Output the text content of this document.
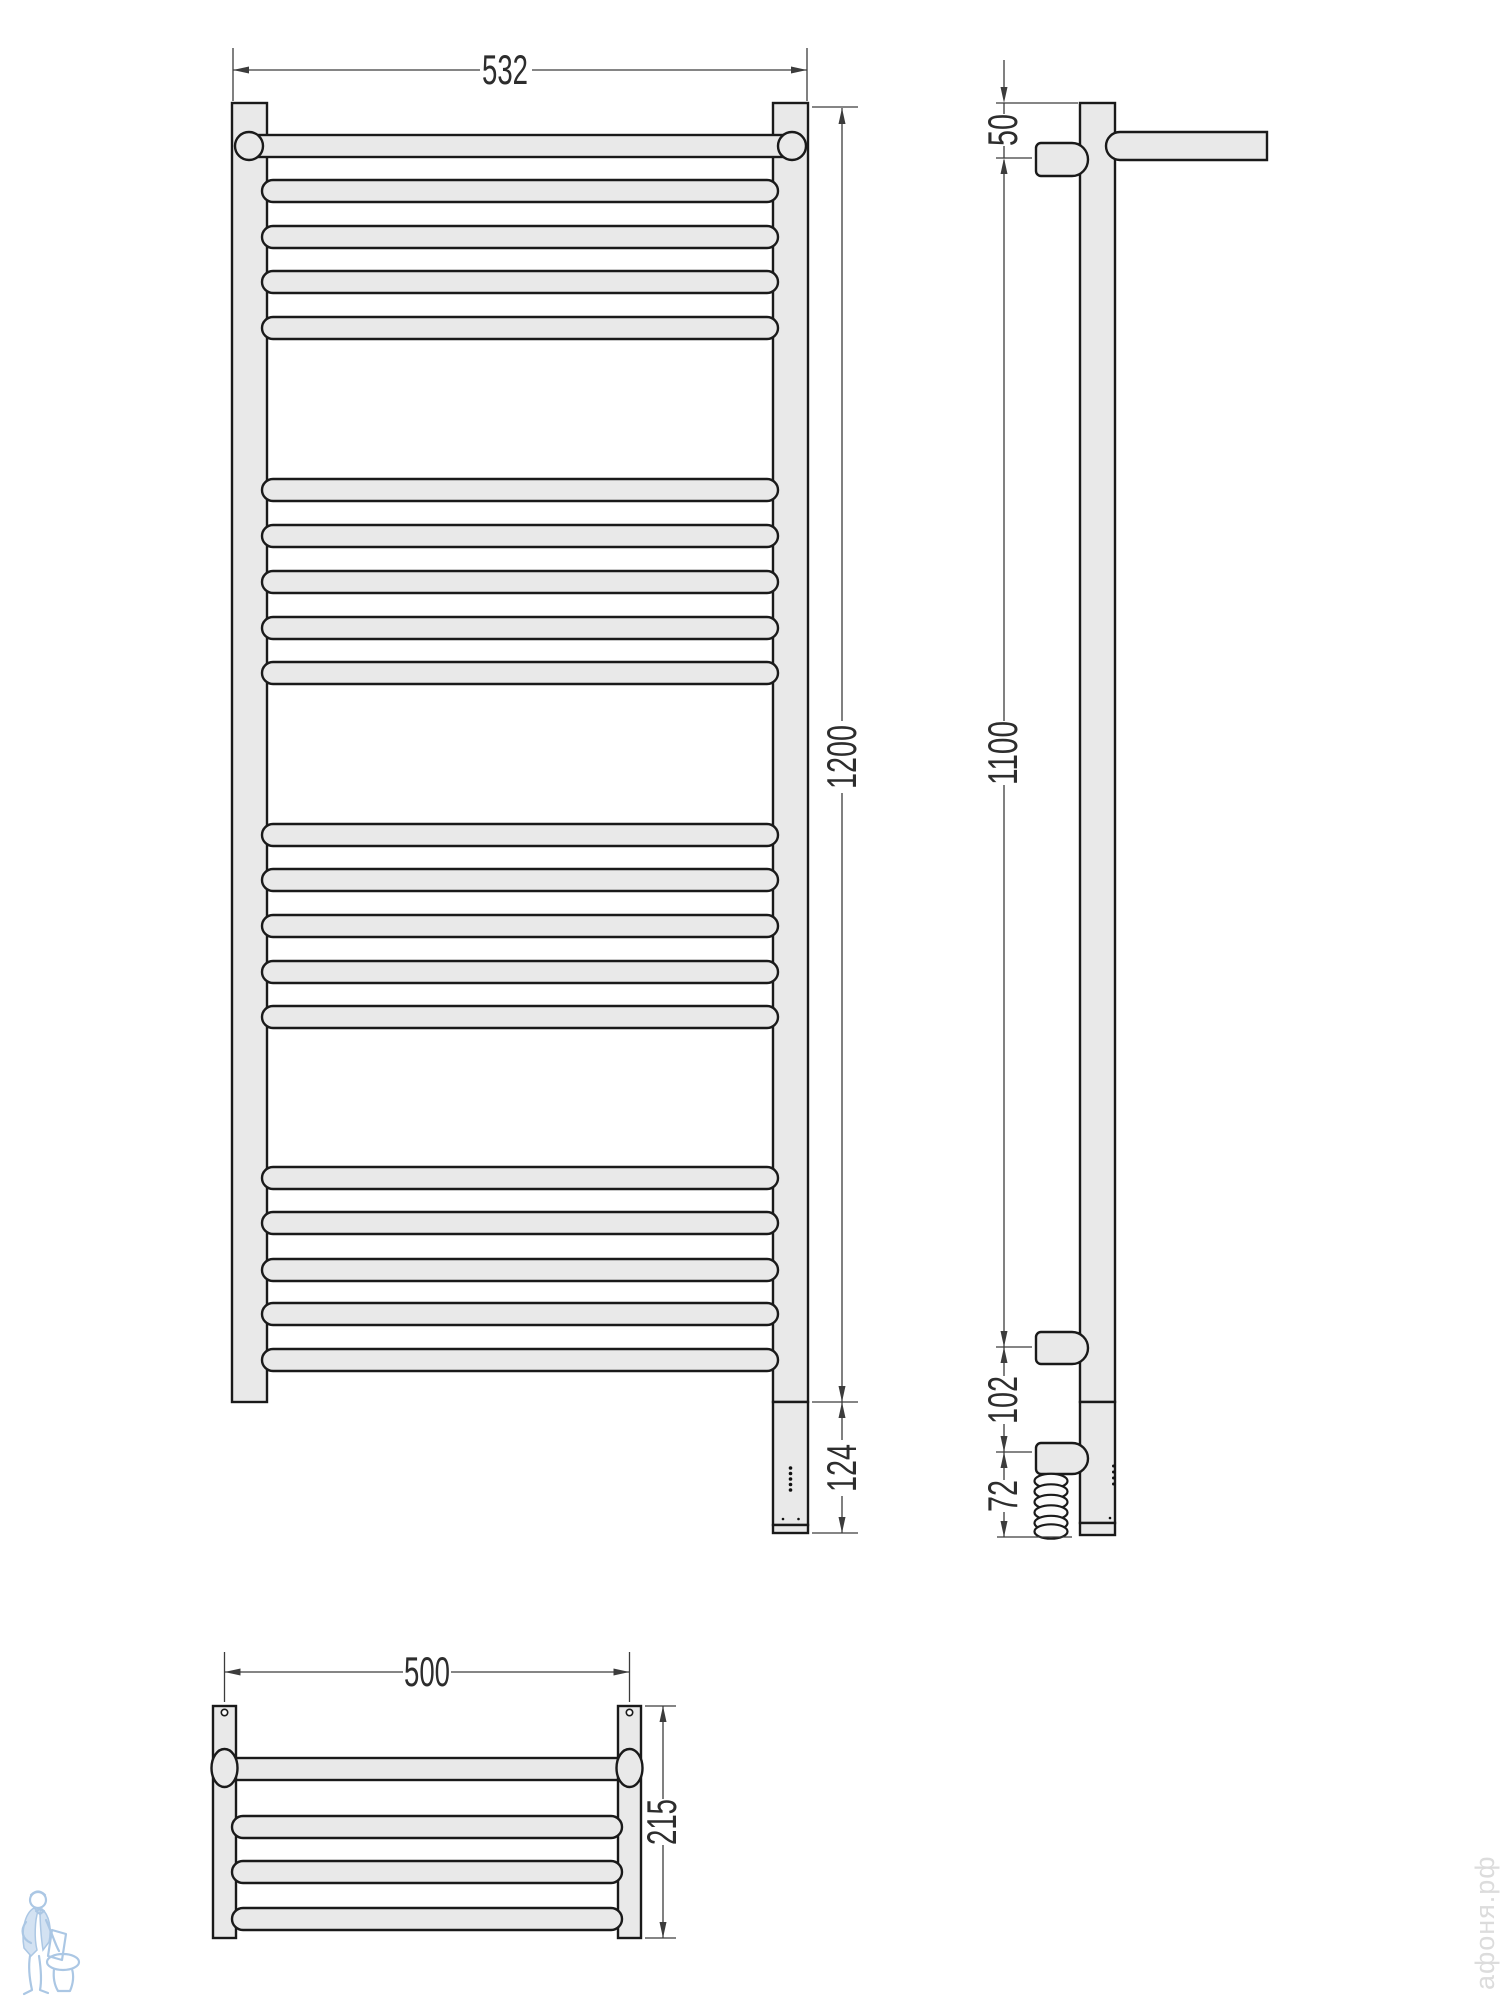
532
1200
124
50
1100
102
72
500
215
афоня.рф
